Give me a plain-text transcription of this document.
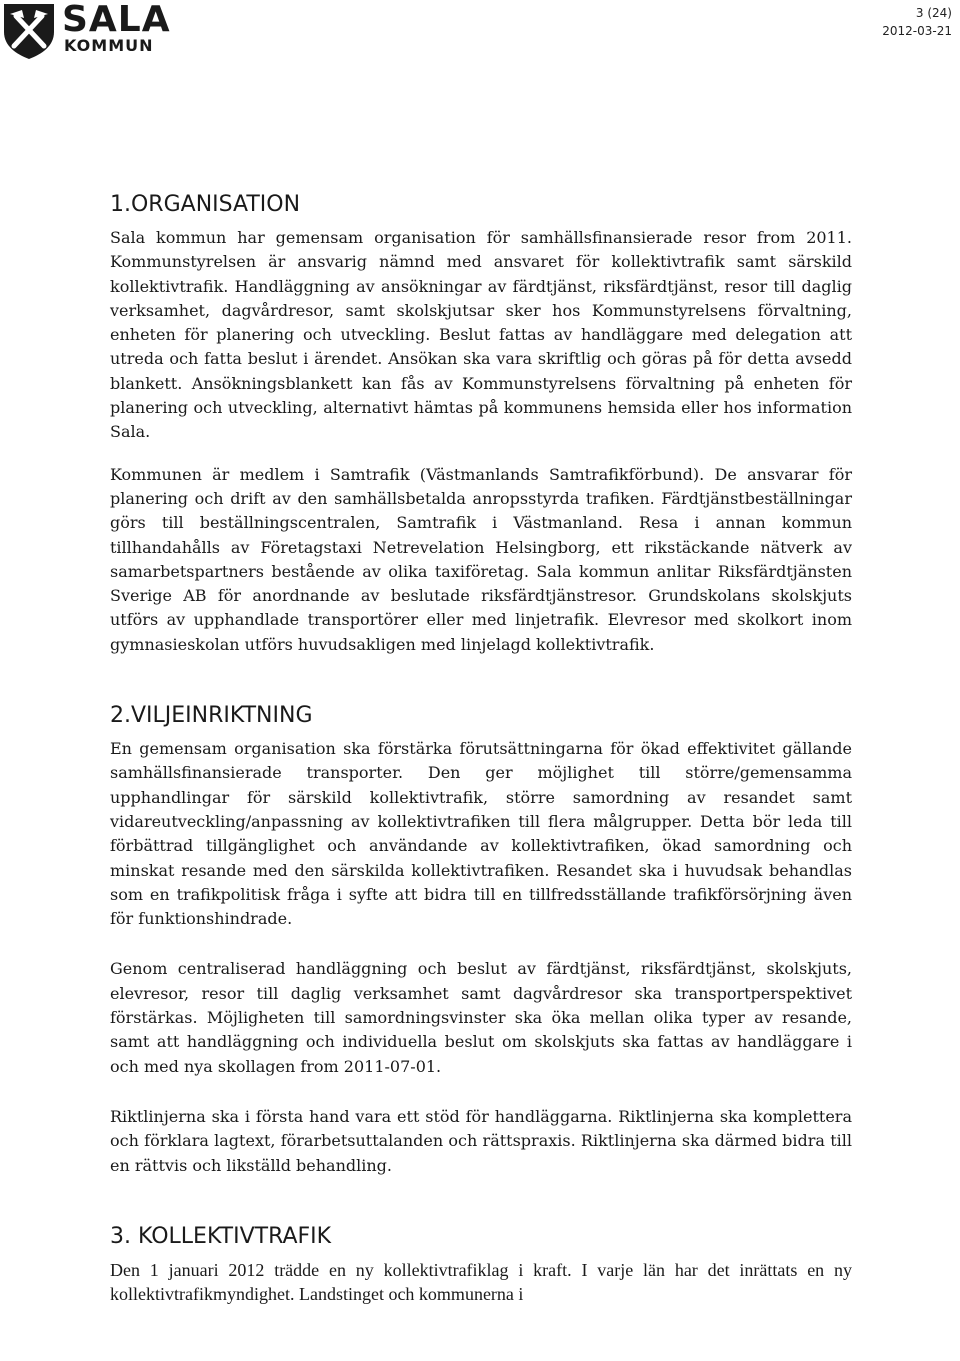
SALA
KOMMUN
3 (24)
2012-03-21
1.ORGANISATION

Sala kommun har gemensam organisation för samhällsfinansierade resor from 2011. Kommunstyrelsen är ansvarig nämnd med ansvaret för kollektivtrafik samt särskild kollektivtrafik. Handläggning av ansökningar av färdtjänst, riksfärdtjänst, resor till daglig verksamhet, dagvårdresor, samt skolskjutsar sker hos Kommunstyrelsens förvaltning, enheten för planering och utveckling. Beslut fattas av handläggare med delegation att utreda och fatta beslut i ärendet. Ansökan ska vara skriftlig och göras på för detta avsedd blankett. Ansökningsblankett kan fås av Kommunstyrelsens förvaltning på enheten för planering och utveckling, alternativt hämtas på kommunens hemsida eller hos information Sala.

Kommunen är medlem i Samtrafik (Västmanlands Samtrafikförbund). De ansvarar för planering och drift av den samhällsbetalda anropsstyrda trafiken. Färdtjänstbeställningar görs till beställningscentralen, Samtrafik i Västmanland. Resa i annan kommun tillhandahålls av Företagstaxi Netrevelation Helsingborg, ett rikstäckande nätverk av samarbetspartners bestående av olika taxiföretag. Sala kommun anlitar Riksfärdtjänsten Sverige AB för anordnande av beslutade riksfärdtjänstresor. Grundskolans skolskjuts utförs av upphandlade transportörer eller med linjetrafik. Elevresor med skolkort inom gymnasieskolan utförs huvudsakligen med linjelagd kollektivtrafik.

2.VILJEINRIKTNING

En gemensam organisation ska förstärka förutsättningarna för ökad effektivitet gällande samhällsfinansierade transporter. Den ger möjlighet till större/gemensamma upphandlingar för särskild kollektivtrafik, större samordning av resandet samt vidareutveckling/anpassning av kollektivtrafiken till flera målgrupper. Detta bör leda till förbättrad tillgänglighet och användande av kollektivtrafiken, ökad samordning och minskat resande med den särskilda kollektivtrafiken. Resandet ska i huvudsak behandlas som en trafikpolitisk fråga i syfte att bidra till en tillfredsställande trafikförsörjning även för funktionshindrade.

Genom centraliserad handläggning och beslut av färdtjänst, riksfärdtjänst, skolskjuts, elevresor, resor till daglig verksamhet samt dagvårdresor ska transportperspektivet förstärkas. Möjligheten till samordningsvinster ska öka mellan olika typer av resande, samt att handläggning och individuella beslut om skolskjuts ska fattas av handläggare i och med nya skollagen from 2011-07-01.

Riktlinjerna ska i första hand vara ett stöd för handläggarna. Riktlinjerna ska komplettera och förklara lagtext, förarbetsuttalanden och rättspraxis. Riktlinjerna ska därmed bidra till en rättvis och likställd behandling.

3. KOLLEKTIVTRAFIK

Den 1 januari 2012 trädde en ny kollektivtrafiklag i kraft. I varje län har det inrättats en ny kollektivtrafikmyndighet. Landstinget och kommunerna i
